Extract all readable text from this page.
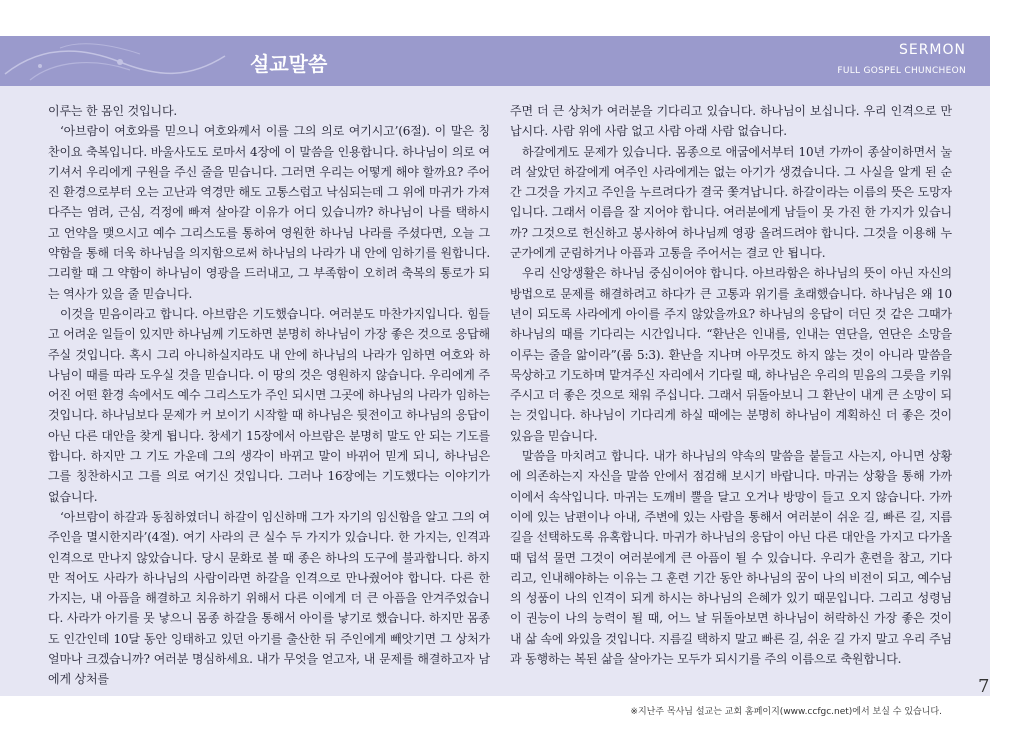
설교말씀
SERMON
FULL GOSPEL CHUNCHEON

이루는 한 몸인 것입니다.

‘아브람이 여호와를 믿으니 여호와께서 이를 그의 의로 여기시고’(6절). 이 말은 칭찬이요 축복입니다. 바울사도도 로마서 4장에 이 말씀을 인용합니다. 하나님이 의로 여기셔서 우리에게 구원을 주신 줄을 믿습니다. 그러면 우리는 어떻게 해야 할까요? 주어진 환경으로부터 오는 고난과 역경만 해도 고통스럽고 낙심되는데 그 위에 마귀가 가져다주는 염려, 근심, 걱정에 빠져 살아갈 이유가 어디 있습니까? 하나님이 나를 택하시고 언약을 맺으시고 예수 그리스도를 통하여 영원한 하나님 나라를 주셨다면, 오늘 그 약함을 통해 더욱 하나님을 의지함으로써 하나님의 나라가 내 안에 임하기를 원합니다. 그리할 때 그 약함이 하나님이 영광을 드러내고, 그 부족함이 오히려 축복의 통로가 되는 역사가 있을 줄 믿습니다.

이것을 믿음이라고 합니다. 아브람은 기도했습니다. 여러분도 마찬가지입니다. 힘들고 어려운 일들이 있지만 하나님께 기도하면 분명히 하나님이 가장 좋은 것으로 응답해 주실 것입니다. 혹시 그리 아니하실지라도 내 안에 하나님의 나라가 임하면 여호와 하나님이 때를 따라 도우실 것을 믿습니다. 이 땅의 것은 영원하지 않습니다. 우리에게 주어진 어떤 환경 속에서도 예수 그리스도가 주인 되시면 그곳에 하나님의 나라가 임하는 것입니다. 하나님보다 문제가 커 보이기 시작할 때 하나님은 뒷전이고 하나님의 응답이 아닌 다른 대안을 찾게 됩니다. 창세기 15장에서 아브람은 분명히 말도 안 되는 기도를 합니다. 하지만 그 기도 가운데 그의 생각이 바뀌고 말이 바뀌어 믿게 되니, 하나님은 그를 칭찬하시고 그를 의로 여기신 것입니다. 그러나 16장에는 기도했다는 이야기가 없습니다.

‘아브람이 하갈과 동침하였더니 하갈이 임신하매 그가 자기의 임신함을 알고 그의 여주인을 멸시한지라’(4절). 여기 사라의 큰 실수 두 가지가 있습니다. 한 가지는, 인격과 인격으로 만나지 않았습니다. 당시 문화로 볼 때 종은 하나의 도구에 불과합니다. 하지만 적어도 사라가 하나님의 사람이라면 하갈을 인격으로 만나줬어야 합니다. 다른 한 가지는, 내 아픔을 해결하고 치유하기 위해서 다른 이에게 더 큰 아픔을 안겨주었습니다. 사라가 아기를 못 낳으니 몸종 하갈을 통해서 아이를 낳기로 했습니다. 하지만 몸종도 인간인데 10달 동안 잉태하고 있던 아기를 출산한 뒤 주인에게 빼앗기면 그 상처가 얼마나 크겠습니까? 여러분 명심하세요. 내가 무엇을 얻고자, 내 문제를 해결하고자 남에게 상처를

주면 더 큰 상처가 여러분을 기다리고 있습니다. 하나님이 보십니다. 우리 인격으로 만납시다. 사람 위에 사람 없고 사람 아래 사람 없습니다.

하갈에게도 문제가 있습니다. 몸종으로 애굽에서부터 10년 가까이 종살이하면서 눌려 살았던 하갈에게 여주인 사라에게는 없는 아기가 생겼습니다. 그 사실을 알게 된 순간 그것을 가지고 주인을 누르려다가 결국 쫓겨납니다. 하갈이라는 이름의 뜻은 도망자입니다. 그래서 이름을 잘 지어야 합니다. 여러분에게 남들이 못 가진 한 가지가 있습니까? 그것으로 헌신하고 봉사하여 하나님께 영광 올려드려야 합니다. 그것을 이용해 누군가에게 군림하거나 아픔과 고통을 주어서는 결코 안 됩니다.

우리 신앙생활은 하나님 중심이어야 합니다. 아브라함은 하나님의 뜻이 아닌 자신의 방법으로 문제를 해결하려고 하다가 큰 고통과 위기를 초래했습니다. 하나님은 왜 10년이 되도록 사라에게 아이를 주지 않았을까요? 하나님의 응답이 더딘 것 같은 그때가 하나님의 때를 기다리는 시간입니다. “환난은 인내를, 인내는 연단을, 연단은 소망을 이루는 줄을 앎이라”(롬 5:3). 환난을 지나며 아무것도 하지 않는 것이 아니라 말씀을 묵상하고 기도하며 맡겨주신 자리에서 기다릴 때, 하나님은 우리의 믿음의 그릇을 키워주시고 더 좋은 것으로 채워 주십니다. 그래서 뒤돌아보니 그 환난이 내게 큰 소망이 되는 것입니다. 하나님이 기다리게 하실 때에는 분명히 하나님이 계획하신 더 좋은 것이 있음을 믿습니다.

말씀을 마치려고 합니다. 내가 하나님의 약속의 말씀을 붙들고 사는지, 아니면 상황에 의존하는지 자신을 말씀 안에서 점검해 보시기 바랍니다. 마귀는 상황을 통해 가까이에서 속삭입니다. 마귀는 도깨비 뿔을 달고 오거나 방망이 들고 오지 않습니다. 가까이에 있는 남편이나 아내, 주변에 있는 사람을 통해서 여러분이 쉬운 길, 빠른 길, 지름길을 선택하도록 유혹합니다. 마귀가 하나님의 응답이 아닌 다른 대안을 가지고 다가올 때 덥석 물면 그것이 여러분에게 큰 아픔이 될 수 있습니다. 우리가 훈련을 참고, 기다리고, 인내해야하는 이유는 그 훈련 기간 동안 하나님의 꿈이 나의 비전이 되고, 예수님의 성품이 나의 인격이 되게 하시는 하나님의 은혜가 있기 때문입니다. 그리고 성령님이 권능이 나의 능력이 될 때, 어느 날 뒤돌아보면 하나님이 허락하신 가장 좋은 것이 내 삶 속에 와있을 것입니다. 지름길 택하지 말고 빠른 길, 쉬운 길 가지 말고 우리 주님과 동행하는 복된 삶을 살아가는 모두가 되시기를 주의 이름으로 축원합니다.

7
※지난주 목사님 설교는 교회 홈페이지(www.ccfgc.net)에서 보실 수 있습니다.
